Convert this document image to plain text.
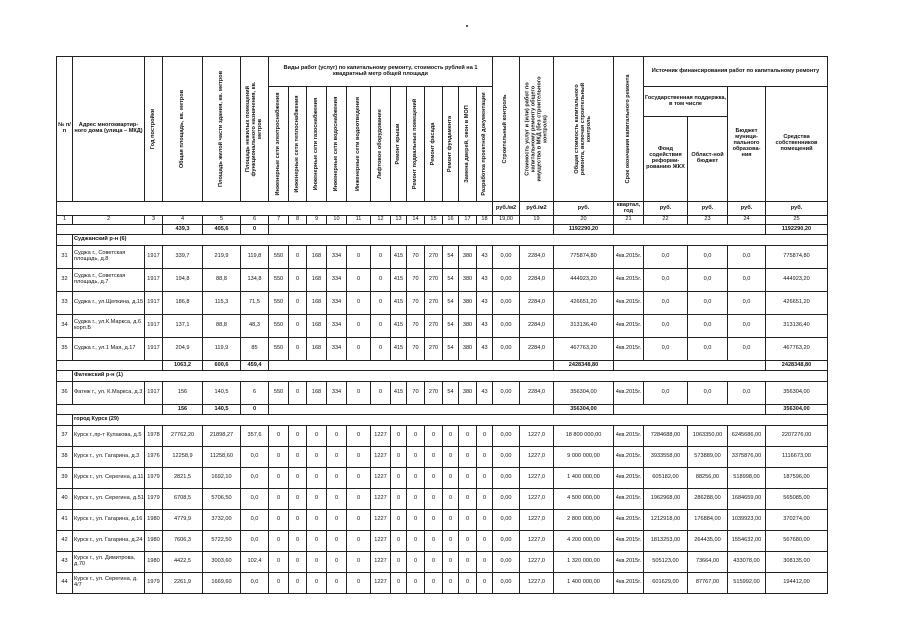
№ п/п	Адрес многоквартир-ного дома (улица – МКД)	Год постройки	Общая площадь, кв. метров	Площадь жилой части здания, кв. метров	Площадь нежилых помещений функционального назначения, кв. метров	Виды работ (услуг) по капитальному ремонту, стоимость рублей на 1 квадратный метр общей площади												Строительный контроль	Стоимость услуг и (или) работ по капитальному ремонту общего имущества в МКД (без строительного контроля)	Общая стоимость капитального ремонта, включая строительный контроль	Срок окончания капитального ремонта	Источник финансирования работ по капитальному ремонту			

						Инженерные сети электроснабжения	Инженерные сети теплоснабжения	Инженерные сети газоснабжения	Инженерные сети водоснабжения	Инженерные сети водоотведения	Лифтовое оборудование	Ремонт крыши	Ремонт подвальных помещений	Ремонт фасада	Ремонт фундамента	Замена дверей, окон в МОП	Разработка проектной документации					Государственная поддержка, в том числе		Бюджет муници-пального образова-ния	Средства собственников помещений
																						Фонд содействия реформи-рованию ЖКХ	Област-ной бюджет		
																		руб./м2	руб./м2	руб.	квартал, год	руб.	руб.	руб.	руб.
1	2	3	4	5	6	7	8	9	10	11	12	13	14	15	16	17	18	19,00	19	20	21	22	23	24	25
			439,3	405,6	0															1192290,20					1192290,20
	Суджанский р-н (6)																								
31	Суджа г., Советская площадь, д.8	1917	339,7	219,9	119,8	550	0	168	334	0	0	415	70	270	54	380	43	0,00	2284,0	775874,80	4кв.2015г.	0,0	0,0	0,0	775874,80
32	Суджа г., Советская площадь, д.7	1917	194,8	88,8	134,8	550	0	168	334	0	0	415	70	270	54	380	43	0,00	2284,0	444923,20	4кв.2015г.	0,0	0,0	0,0	444923,20
33	Суджа г., ул.Щепкина, д.15	1917	186,8	115,3	71,5	550	0	168	334	0	0	415	70	270	54	380	43	0,00	2284,0	426651,20	4кв.2015г.	0,0	0,0	0,0	426651,20
34	Суджа г., ул.К.Маркса, д.6 корп.Б	1917	137,1	88,8	48,3	550	0	168	334	0	0	415	70	270	54	380	43	0,00	2284,0	313136,40	4кв.2015г.	0,0	0,0	0,0	313136,40
35	Суджа г., ул.1 Мая, д.17	1917	204,9	119,9	85	550	0	168	334	0	0	415	70	270	54	380	43	0,00	2284,0	467763,20	4кв.2015г.	0,0	0,0	0,0	467763,20
			1063,2	600,6	459,4															2428348,80					2428348,80
	Фатежский р-н (1)																								
36	Фатеж г., ул. К.Маркса, д.3	1917	156	140,5	6	550	0	168	334	0	0	415	70	270	54	380	43	0,00	2284,0	356304,00	4кв.2015г.	0,0	0,0	0,0	356304,00
			156	140,5	0															356304,00					356304,00
	город Курск (29)																								
37	Курск г.,пр-т Кулакова, д.5	1978	27762,20	21898,27	357,6	0	0	0	0	0	1227	0	0	0	0	0	0	0,00	1227,0	18 800 000,00	4кв.2015г.	7284688,00	1063350,00	6245686,00	2207276,00
38	Курск г., ул. Гагарина, д.3	1976	12258,9	11258,60	0,0	0	0	0	0	0	1227	0	0	0	0	0	0	0,00	1227,0	9 000 000,00	4кв.2015г.	3933558,00	573889,00	3375876,00	1116673,00
39	Курск г., ул. Серегина, д.11	1979	2821,5	1692,10	0,0	0	0	0	0	0	1227	0	0	0	0	0	0	0,00	1227,0	1 400 000,00	4кв.2015г.	605182,00	88256,00	518998,00	187596,00
40	Курск г., ул. Серегина, д.51	1979	6708,5	5706,50	0,0	0	0	0	0	0	1227	0	0	0	0	0	0	0,00	1227,0	4 500 000,00	4кв.2015г.	1962968,00	286288,00	1684659,00	565085,00
41	Курск г., ул. Гагарина, д.16	1980	4779,9	3732,00	0,0	0	0	0	0	0	1227	0	0	0	0	0	0	0,00	1227,0	2 800 000,00	4кв.2015г.	1212918,00	176884,00	1039923,00	370274,00
42	Курск г., ул. Гагарина, д.24	1980	7606,3	5722,50	0,0	0	0	0	0	0	1227	0	0	0	0	0	0	0,00	1227,0	4 200 000,00	4кв.2015г.	1813253,00	264435,00	1554632,00	567680,00
43	Курск г., ул. Димитрова, д.70	1980	4422,5	3003,60	102,4	0	0	0	0	0	1227	0	0	0	0	0	0	0,00	1227,0	1 320 000,00	4кв.2015г.	505123,00	73664,00	433078,00	308135,00
44	Курск г., ул. Серегина, д. 4/7	1979	2261,9	1669,60	0,0	0	0	0	0	0	1227	0	0	0	0	0	0	0,00	1227,0	1 400 000,00	4кв.2015г.	601629,00	87767,00	515992,00	194412,00
